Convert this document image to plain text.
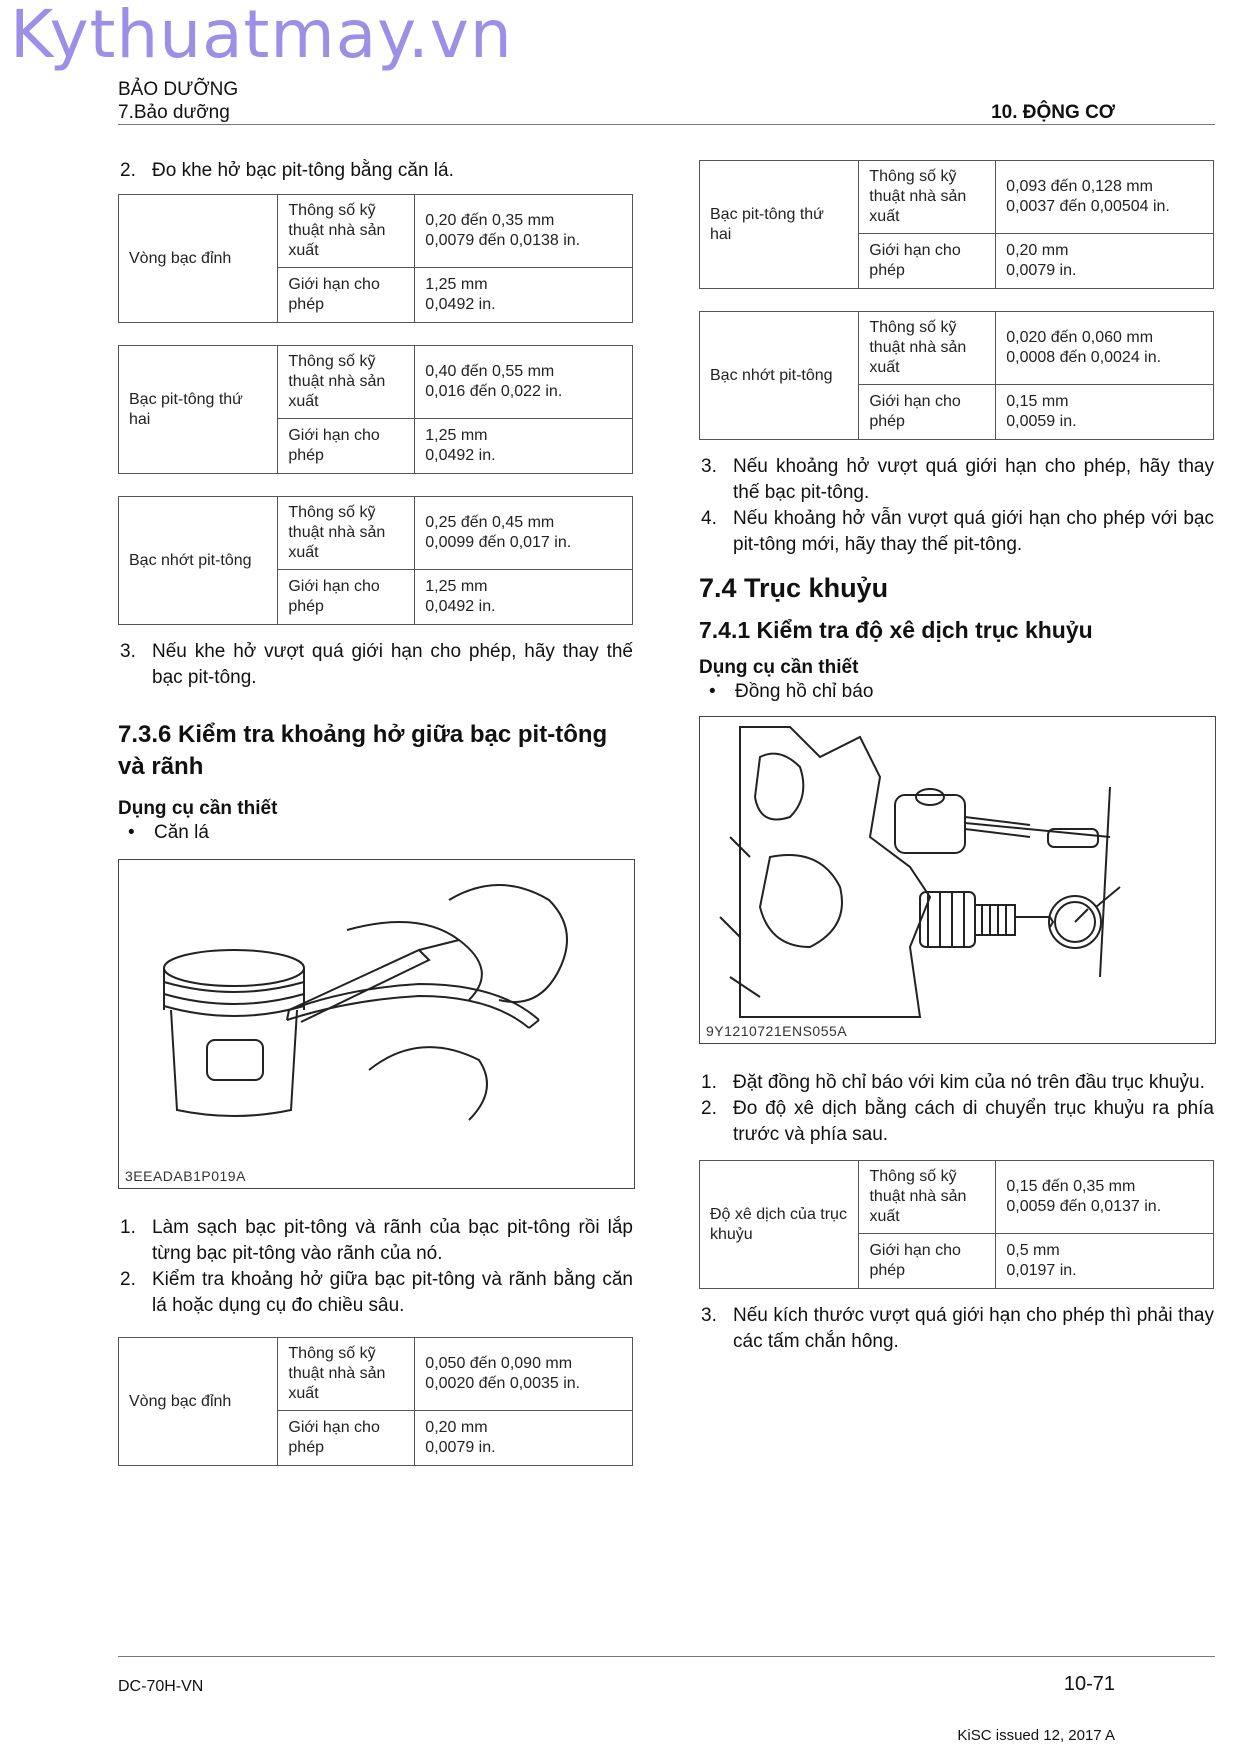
Kythuatmay.vn
BẢO DƯỠNG
7.Bảo dưỡng	10. ĐỘNG CƠ
2. Đo khe hở bạc pit-tông bằng căn lá.
Vòng bạc đỉnh	Thông số kỹ thuật nhà sản xuất	0,20 đến 0,35 mm
0,0079 đến 0,0138 in.

	Giới hạn cho phép	1,25 mm
0,0492 in.
Bạc pit-tông thứ hai	Thông số kỹ thuật nhà sản xuất	0,40 đến 0,55 mm
0,016 đến 0,022 in.

	Giới hạn cho phép	1,25 mm
0,0492 in.
Bạc nhớt pit-tông	Thông số kỹ thuật nhà sản xuất	0,25 đến 0,45 mm
0,0099 đến 0,017 in.

	Giới hạn cho phép	1,25 mm
0,0492 in.
3. Nếu khe hở vượt quá giới hạn cho phép, hãy thay thế bạc pit-tông.
7.3.6 Kiểm tra khoảng hở giữa bạc pit-tông và rãnh
Dụng cụ cần thiết
• Căn lá
3EEADAB1P019A
1. Làm sạch bạc pit-tông và rãnh của bạc pit-tông rồi lắp từng bạc pit-tông vào rãnh của nó.
2. Kiểm tra khoảng hở giữa bạc pit-tông và rãnh bằng căn lá hoặc dụng cụ đo chiều sâu.
Vòng bạc đỉnh	Thông số kỹ thuật nhà sản xuất	0,050 đến 0,090 mm
0,0020 đến 0,0035 in.

	Giới hạn cho phép	0,20 mm
0,0079 in.
Bạc pit-tông thứ hai	Thông số kỹ thuật nhà sản xuất	0,093 đến 0,128 mm
0,0037 đến 0,00504 in.

	Giới hạn cho phép	0,20 mm
0,0079 in.
Bạc nhớt pit-tông	Thông số kỹ thuật nhà sản xuất	0,020 đến 0,060 mm
0,0008 đến 0,0024 in.

	Giới hạn cho phép	0,15 mm
0,0059 in.
3. Nếu khoảng hở vượt quá giới hạn cho phép, hãy thay thế bạc pit-tông.
4. Nếu khoảng hở vẫn vượt quá giới hạn cho phép với bạc pit-tông mới, hãy thay thế pit-tông.
7.4 Trục khuỷu
7.4.1 Kiểm tra độ xê dịch trục khuỷu
Dụng cụ cần thiết
• Đồng hồ chỉ báo
9Y1210721ENS055A
1. Đặt đồng hồ chỉ báo với kim của nó trên đầu trục khuỷu.
2. Đo độ xê dịch bằng cách di chuyển trục khuỷu ra phía trước và phía sau.
Độ xê dịch của trục khuỷu	Thông số kỹ thuật nhà sản xuất	0,15 đến 0,35 mm
0,0059 đến 0,0137 in.

	Giới hạn cho phép	0,5 mm
0,0197 in.
3. Nếu kích thước vượt quá giới hạn cho phép thì phải thay các tấm chắn hông.
DC-70H-VN	10-71
KiSC issued 12, 2017 A
